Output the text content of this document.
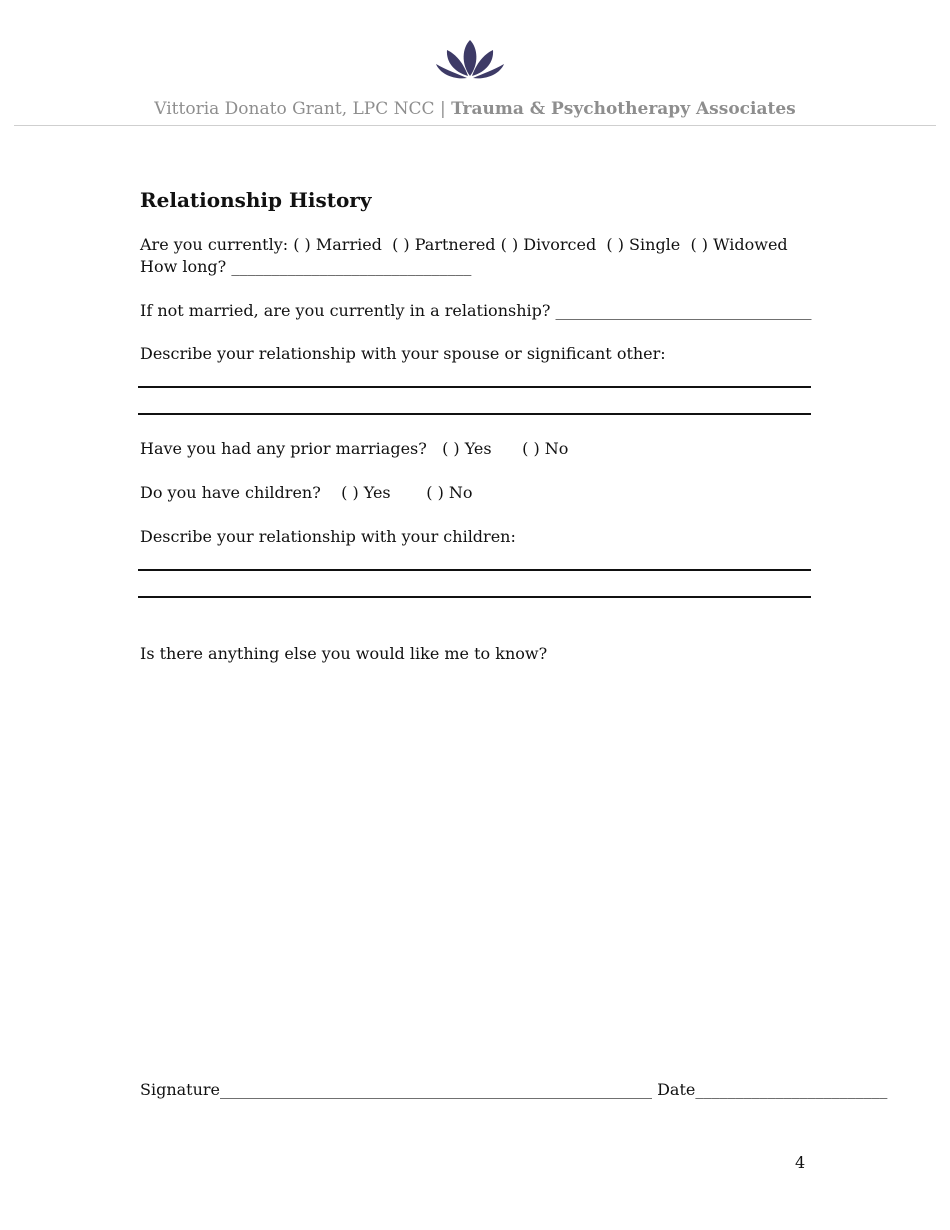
Vittoria Donato Grant, LPC NCC | Trauma & Psychotherapy Associates
Relationship History
Are you currently: ( ) Married  ( ) Partnered ( ) Divorced  ( ) Single  ( ) Widowed
How long? ______________________________
If not married, are you currently in a relationship? ________________________________
Describe your relationship with your spouse or significant other:
Have you had any prior marriages?   ( ) Yes      ( ) No
Do you have children?    ( ) Yes       ( ) No
Describe your relationship with your children:
Is there anything else you would like me to know?
Signature______________________________________________________ Date________________________
4
